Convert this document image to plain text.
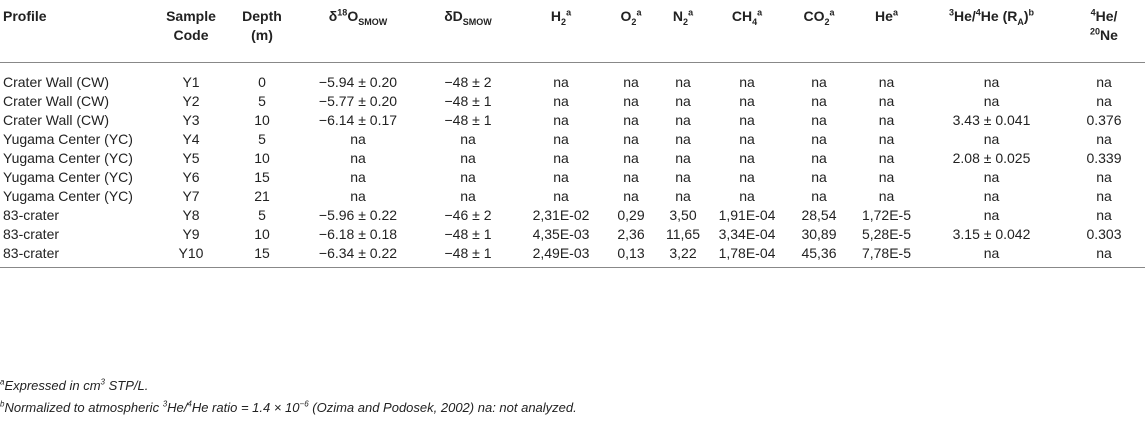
Profile	Sample Code	Depth (m)	$\delta^{18}O_{SMOW}$	$\delta D_{SMOW}$	$H_2^a$	$O_2^a$	$N_2^a$	$CH_4^a$	$CO_2^a$	He$^a$	$^3$He/$^4$He $(R_A)^b$	$^4$He/
$^{20}$Ne
Crater Wall (CW)	Y1	0	−5.94 ± 0.20	−48 ± 2	na	na	na	na	na	na	na	na
Crater Wall (CW)	Y2	5	−5.77 ± 0.20	−48 ± 1	na	na	na	na	na	na	na	na
Crater Wall (CW)	Y3	10	−6.14 ± 0.17	−48 ± 1	na	na	na	na	na	na	3.43 ± 0.041	0.376
Yugama Center (YC)	Y4	5	na	na	na	na	na	na	na	na	na	na
Yugama Center (YC)	Y5	10	na	na	na	na	na	na	na	na	2.08 ± 0.025	0.339
Yugama Center (YC)	Y6	15	na	na	na	na	na	na	na	na	na	na
Yugama Center (YC)	Y7	21	na	na	na	na	na	na	na	na	na	na
83-crater	Y8	5	−5.96 ± 0.22	−46 ± 2	2,31E-02	0,29	3,50	1,91E-04	28,54	1,72E-5	na	na
83-crater	Y9	10	−6.18 ± 0.18	−48 ± 1	4,35E-03	2,36	11,65	3,34E-04	30,89	5,28E-5	3.15 ± 0.042	0.303
83-crater	Y10	15	−6.34 ± 0.22	−48 ± 1	2,49E-03	0,13	3,22	1,78E-04	45,36	7,78E-5	na	na
$^a$Expressed in $cm^3$ STP/L.
$^b$Normalized to atmospheric $^3$He/$^4$He ratio = $1.4 \times 10^{-6}$ (Ozima and Podosek, 2002) na: not analyzed.
